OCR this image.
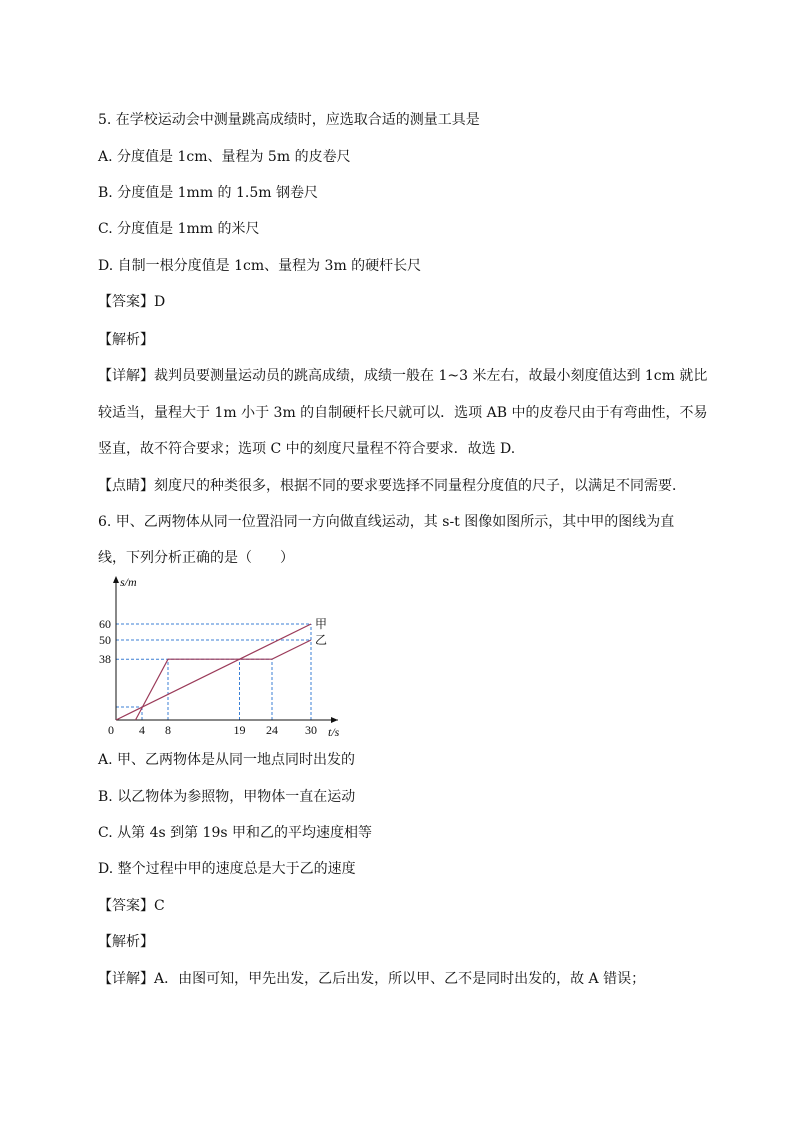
5. 在学校运动会中测量跳高成绩时，应选取合适的测量工具是
A. 分度值是 1cm、量程为 5m 的皮卷尺
B. 分度值是 1mm 的 1.5m 钢卷尺
C. 分度值是 1mm 的米尺
D. 自制一根分度值是 1cm、量程为 3m 的硬杆长尺
【答案】D
【解析】
【详解】裁判员要测量运动员的跳高成绩，成绩一般在 1~3 米左右，故最小刻度值达到 1cm 就比
较适当，量程大于 1m 小于 3m 的自制硬杆长尺就可以．选项 AB 中的皮卷尺由于有弯曲性，不易
竖直，故不符合要求；选项 C 中的刻度尺量程不符合要求．故选 D.
【点睛】刻度尺的种类很多，根据不同的要求要选择不同量程分度值的尺子，以满足不同需要．
6. 甲、乙两物体从同一位置沿同一方向做直线运动，其 s-t 图像如图所示，其中甲的图线为直
线，下列分析正确的是（　　）
s/m
t/s
0
甲
乙
4 8	19 24 30
38
50
60
A. 甲、乙两物体是从同一地点同时出发的
B. 以乙物体为参照物，甲物体一直在运动
C. 从第 4s 到第 19s 甲和乙的平均速度相等
D. 整个过程中甲的速度总是大于乙的速度
【答案】C
【解析】
【详解】A．由图可知，甲先出发，乙后出发，所以甲、乙不是同时出发的，故 A 错误；
